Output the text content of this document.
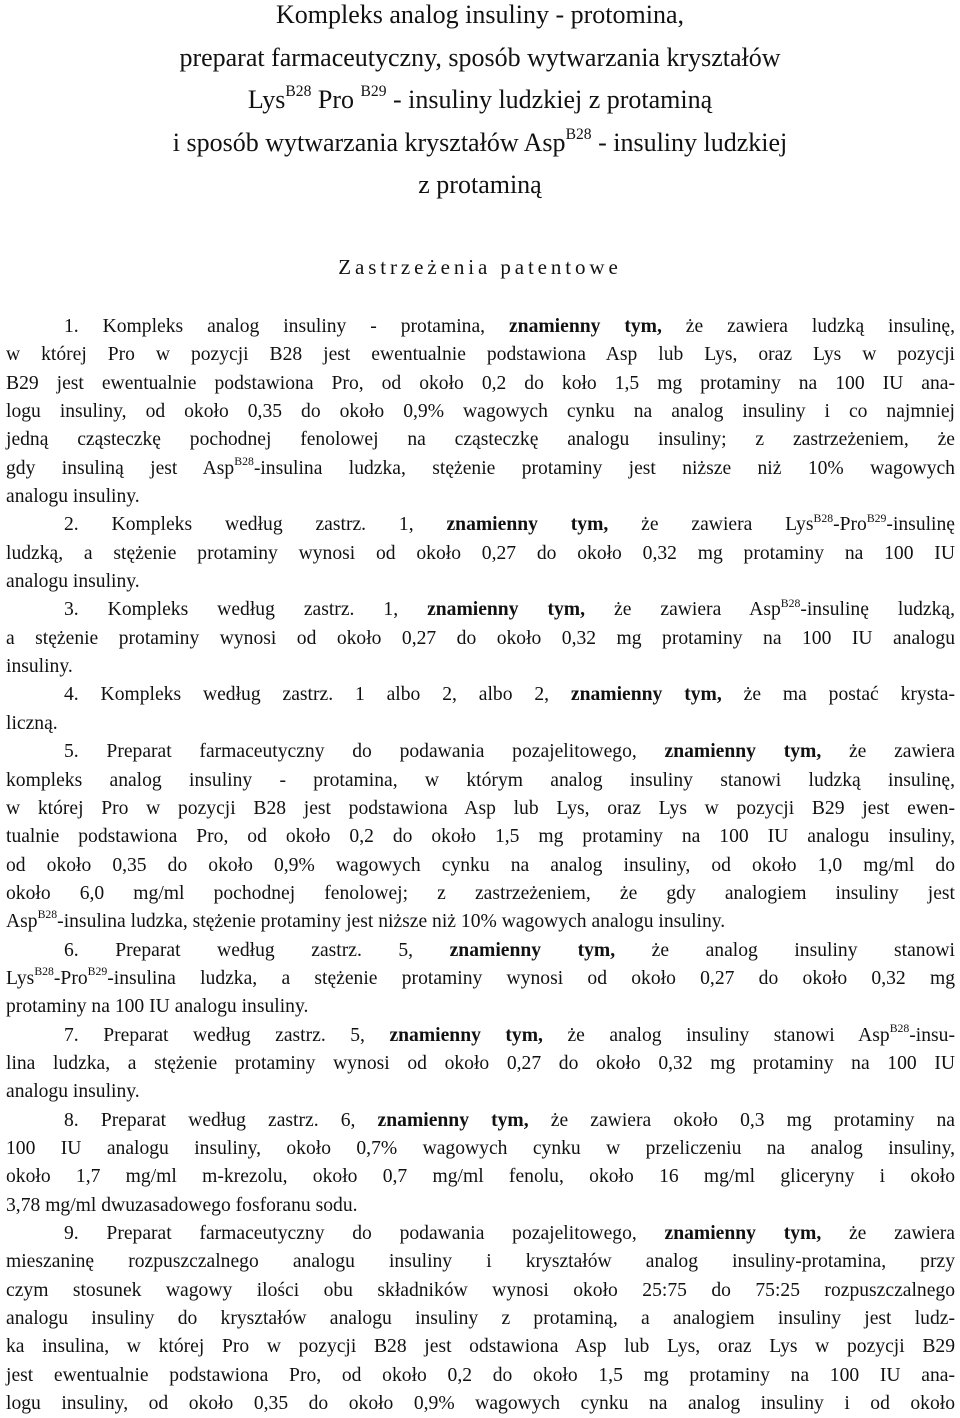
Kompleks analog insuliny - protomina,
preparat farmaceutyczny, sposób wytwarzania kryształów
Lys$^{B28}$ Pro $^{B29}$ - insuliny ludzkiej z protaminą
i sposób wytwarzania kryształów Asp$^{B28}$ - insuliny ludzkiej
z protaminą
Zastrzeżenia patentowe
1. Kompleks analog insuliny - protamina, znamienny tym, że zawiera ludzką insulinę,
w której Pro w pozycji B28 jest ewentualnie podstawiona Asp lub Lys, oraz Lys w pozycji
B29 jest ewentualnie podstawiona Pro, od około 0,2 do koło 1,5 mg protaminy na 100 IU ana-
logu insuliny, od około 0,35 do około 0,9% wagowych cynku na analog insuliny i co najmniej
jedną cząsteczkę pochodnej fenolowej na cząsteczkę analogu insuliny; z zastrzeżeniem, że
gdy insuliną jest Asp$^{B28}$-insulina ludzka, stężenie protaminy jest niższe niż 10% wagowych
analogu insuliny.
2. Kompleks według zastrz. 1, znamienny tym, że zawiera Lys$^{B28}$-Pro$^{B29}$-insulinę
ludzką, a stężenie protaminy wynosi od około 0,27 do około 0,32 mg protaminy na 100 IU
analogu insuliny.
3. Kompleks według zastrz. 1, znamienny tym, że zawiera Asp$^{B28}$-insulinę ludzką,
a stężenie protaminy wynosi od około 0,27 do około 0,32 mg protaminy na 100 IU analogu
insuliny.
4. Kompleks według zastrz. 1 albo 2, albo 2, znamienny tym, że ma postać krysta-
liczną.
5. Preparat farmaceutyczny do podawania pozajelitowego, znamienny tym, że zawiera
kompleks analog insuliny - protamina, w którym analog insuliny stanowi ludzką insulinę,
w której Pro w pozycji B28 jest podstawiona Asp lub Lys, oraz Lys w pozycji B29 jest ewen-
tualnie podstawiona Pro, od około 0,2 do około 1,5 mg protaminy na 100 IU analogu insuliny,
od około 0,35 do około 0,9% wagowych cynku na analog insuliny, od około 1,0 mg/ml do
około 6,0 mg/ml pochodnej fenolowej; z zastrzeżeniem, że gdy analogiem insuliny jest
Asp$^{B28}$-insulina ludzka, stężenie protaminy jest niższe niż 10% wagowych analogu insuliny.
6. Preparat według zastrz. 5, znamienny tym, że analog insuliny stanowi
Lys$^{B28}$-Pro$^{B29}$-insulina ludzka, a stężenie protaminy wynosi od około 0,27 do około 0,32 mg
protaminy na 100 IU analogu insuliny.
7. Preparat według zastrz. 5, znamienny tym, że analog insuliny stanowi Asp$^{B28}$-insu-
lina ludzka, a stężenie protaminy wynosi od około 0,27 do około 0,32 mg protaminy na 100 IU
analogu insuliny.
8. Preparat według zastrz. 6, znamienny tym, że zawiera około 0,3 mg protaminy na
100 IU analogu insuliny, około 0,7% wagowych cynku w przeliczeniu na analog insuliny,
około 1,7 mg/ml m-krezolu, około 0,7 mg/ml fenolu, około 16 mg/ml gliceryny i około
3,78 mg/ml dwuzasadowego fosforanu sodu.
9. Preparat farmaceutyczny do podawania pozajelitowego, znamienny tym, że zawiera
mieszaninę rozpuszczalnego analogu insuliny i kryształów analog insuliny-protamina, przy
czym stosunek wagowy ilości obu składników wynosi około 25:75 do 75:25 rozpuszczalnego
analogu insuliny do kryształów analogu insuliny z protaminą, a analogiem insuliny jest ludz-
ka insulina, w której Pro w pozycji B28 jest odstawiona Asp lub Lys, oraz Lys w pozycji B29
jest ewentualnie podstawiona Pro, od około 0,2 do około 1,5 mg protaminy na 100 IU ana-
logu insuliny, od około 0,35 do około 0,9% wagowych cynku na analog insuliny i od około
